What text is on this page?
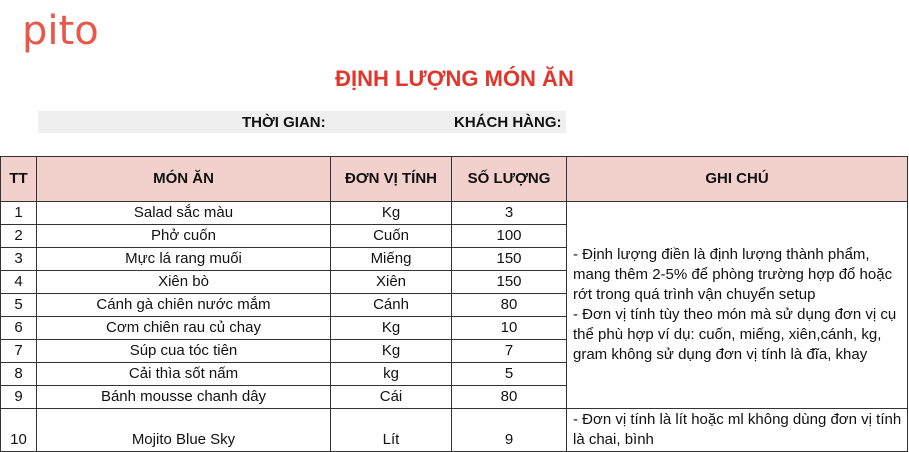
pito
ĐỊNH LƯỢNG MÓN ĂN
THỜI GIAN:	KHÁCH HÀNG:
TT	MÓN ĂN	ĐƠN VỊ TÍNH	SỐ LƯỢNG	GHI CHÚ
1	Salad sắc màu	Kg	3	- Định lượng điền là định lượng thành phẩm, mang thêm 2-5% để phòng trường hợp đổ hoặc rớt trong quá trình vận chuyển setup
- Đơn vị tính tùy theo món mà sử dụng đơn vị cụ thể phù hợp ví dụ: cuốn, miếng, xiên,cánh, kg, gram không sử dụng đơn vị tính là đĩa, khay

2	Phở cuốn	Cuốn	100	
3	Mực lá rang muối	Miếng	150	
4	Xiên bò	Xiên	150	
5	Cánh gà chiên nước mắm	Cánh	80	
6	Cơm chiên rau củ chay	Kg	10	
7	Súp cua tóc tiên	Kg	7	
8	Cải thìa sốt nấm	kg	5	
9	Bánh mousse chanh dây	Cái	80	
10	Mojito Blue Sky	Lít	9	- Đơn vị tính là lít hoặc ml không dùng đơn vị tính là chai, bình
